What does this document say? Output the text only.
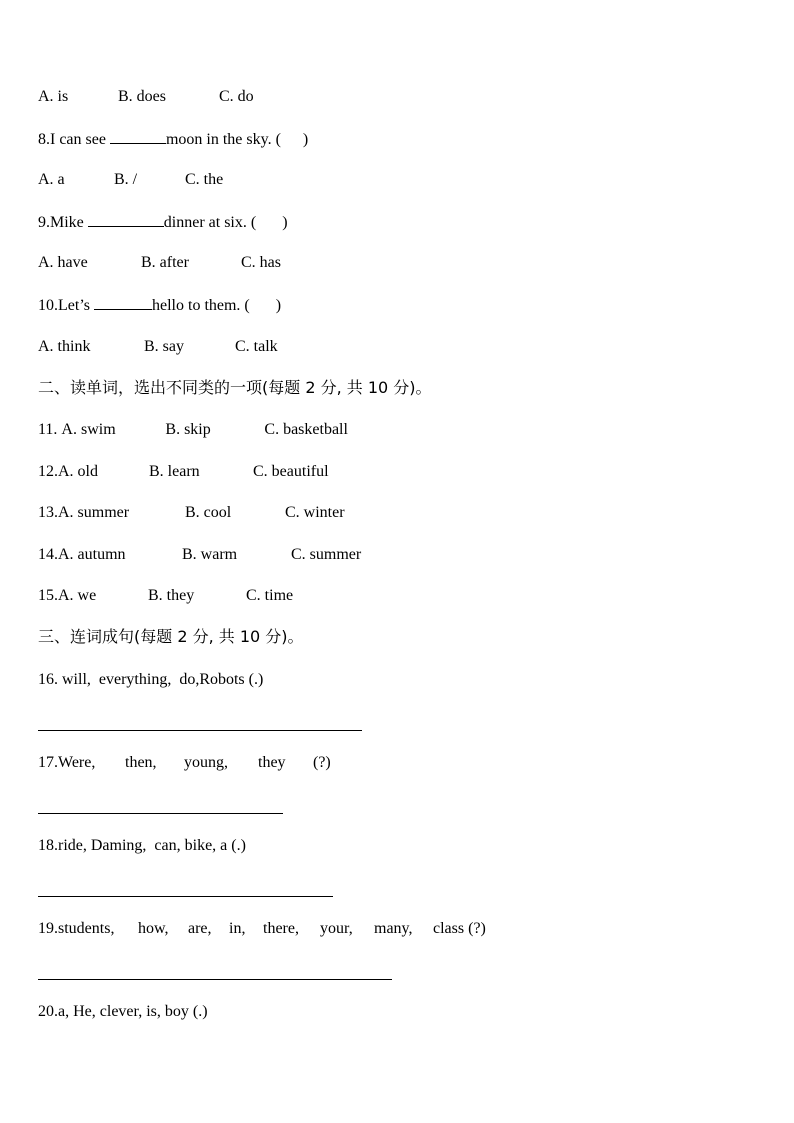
A. is	B. does	C. do
8.I can see	moon in the sky. ( )
A. a	B. /	C. the
9.Mike	dinner at six. ( )
A. have	B. after	C. has
10.Let’s	hello to them. ( )
A. think	B. say	C. talk
二、读单词，选出不同类的一项(每题 2 分, 共 10 分)。
11. A. swim	B. skip	C. basketball
12.A. old	B. learn	C. beautiful
13.A. summer	B. cool	C. winter
14.A. autumn	B. warm	C. summer
15.A. we	B. they	C. time
三、连词成句(每题 2 分, 共 10 分)。
16. will, everything, do,Robots (.)
17.Were, then, young, they (?)
18.ride, Daming, can, bike, a (.)
19.students, how, are, in, there, your, many, class (?)
20.a, He, clever, is, boy (.)
